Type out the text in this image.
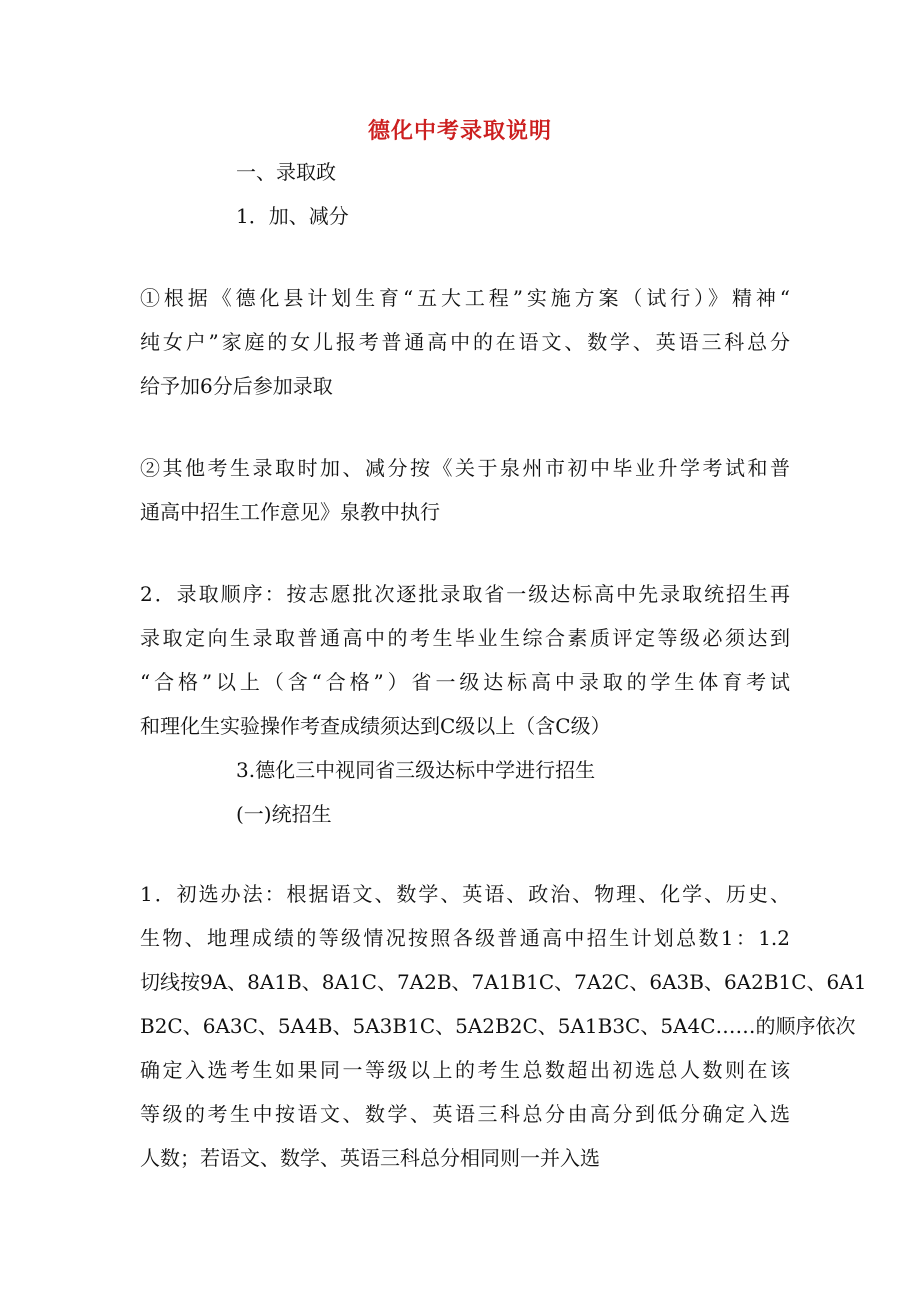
德化中考录取说明
一、录取政
1．加、减分
①根据《德化县计划生育“五大工程”实施方案（试行）》精神“
纯女户”家庭的女儿报考普通高中的在语文、数学、英语三科总分
给予加6分后参加录取
②其他考生录取时加、减分按《关于泉州市初中毕业升学考试和普
通高中招生工作意见》泉教中执行
2．录取顺序：按志愿批次逐批录取省一级达标高中先录取统招生再
录取定向生录取普通高中的考生毕业生综合素质评定等级必须达到
“合格”以上（含“合格”）省一级达标高中录取的学生体育考试
和理化生实验操作考查成绩须达到C级以上（含C级）
3.德化三中视同省三级达标中学进行招生
(一)统招生
1．初选办法：根据语文、数学、英语、政治、物理、化学、历史、
生物、地理成绩的等级情况按照各级普通高中招生计划总数1：1.2
切线按9A、8A1B、8A1C、7A2B、7A1B1C、7A2C、6A3B、6A2B1C、6A1
B2C、6A3C、5A4B、5A3B1C、5A2B2C、5A1B3C、5A4C……的顺序依次
确定入选考生如果同一等级以上的考生总数超出初选总人数则在该
等级的考生中按语文、数学、英语三科总分由高分到低分确定入选
人数；若语文、数学、英语三科总分相同则一并入选
